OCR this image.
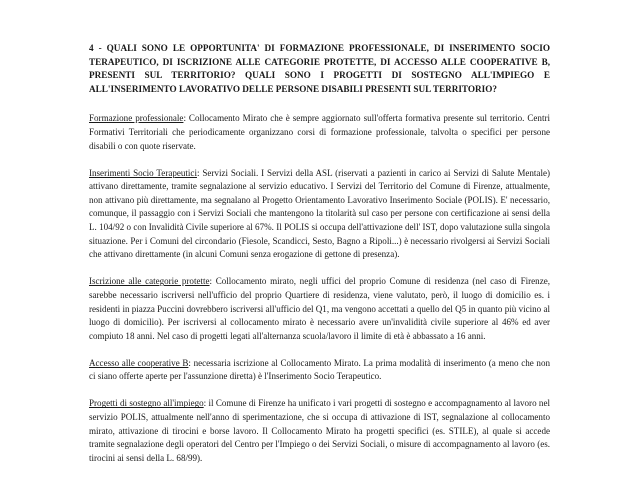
4 - QUALI SONO LE OPPORTUNITA' DI FORMAZIONE PROFESSIONALE, DI INSERIMENTO SOCIO TERAPEUTICO, DI ISCRIZIONE ALLE CATEGORIE PROTETTE, DI ACCESSO ALLE COOPERATIVE B, PRESENTI SUL TERRITORIO? QUALI SONO I PROGETTI DI SOSTEGNO ALL'IMPIEGO E ALL'INSERIMENTO LAVORATIVO DELLE PERSONE DISABILI PRESENTI SUL TERRITORIO?

Formazione professionale: Collocamento Mirato che è sempre aggiornato sull'offerta formativa presente sul territorio. Centri Formativi Territoriali che periodicamente organizzano corsi di formazione professionale, talvolta o specifici per persone disabili o con quote riservate.

Inserimenti Socio Terapeutici: Servizi Sociali. I Servizi della ASL (riservati a pazienti in carico ai Servizi di Salute Mentale) attivano direttamente, tramite segnalazione al servizio educativo. I Servizi del Territorio del Comune di Firenze, attualmente, non attivano più direttamente, ma segnalano al Progetto Orientamento Lavorativo Inserimento Sociale (POLIS). E' necessario, comunque, il passaggio con i Servizi Sociali che mantengono la titolarità sul caso per persone con certificazione ai sensi della L. 104/92 o con Invalidità Civile superiore al 67%. Il POLIS si occupa dell'attivazione dell' IST, dopo valutazione sulla singola situazione. Per i Comuni del circondario (Fiesole, Scandicci, Sesto, Bagno a Ripoli...) è necessario rivolgersi ai Servizi Sociali che attivano direttamente (in alcuni Comuni senza erogazione di gettone di presenza).

Iscrizione alle categorie protette: Collocamento mirato, negli uffici del proprio Comune di residenza (nel caso di Firenze, sarebbe necessario iscriversi nell'ufficio del proprio Quartiere di residenza, viene valutato, però, il luogo di domicilio es. i residenti in piazza Puccini dovrebbero iscriversi all'ufficio del Q1, ma vengono accettati a quello del Q5 in quanto più vicino al luogo di domicilio). Per iscriversi al collocamento mirato è necessario avere un'invalidità civile superiore al 46% ed aver compiuto 18 anni. Nel caso di progetti legati all'alternanza scuola/lavoro il limite di età è abbassato a 16 anni.

Accesso alle cooperative B: necessaria iscrizione al Collocamento Mirato. La prima modalità di inserimento (a meno che non ci siano offerte aperte per l'assunzione diretta) è l'Inserimento Socio Terapeutico.

Progetti di sostegno all'impiego: il Comune di Firenze ha unificato i vari progetti di sostegno e accompagnamento al lavoro nel servizio POLIS, attualmente nell'anno di sperimentazione, che si occupa di attivazione di IST, segnalazione al collocamento mirato, attivazione di tirocini e borse lavoro. Il Collocamento Mirato ha progetti specifici (es. STILE), al quale si accede tramite segnalazione degli operatori del Centro per l'Impiego o dei Servizi Sociali, o misure di accompagnamento al lavoro (es. tirocini ai sensi della L. 68/99).
